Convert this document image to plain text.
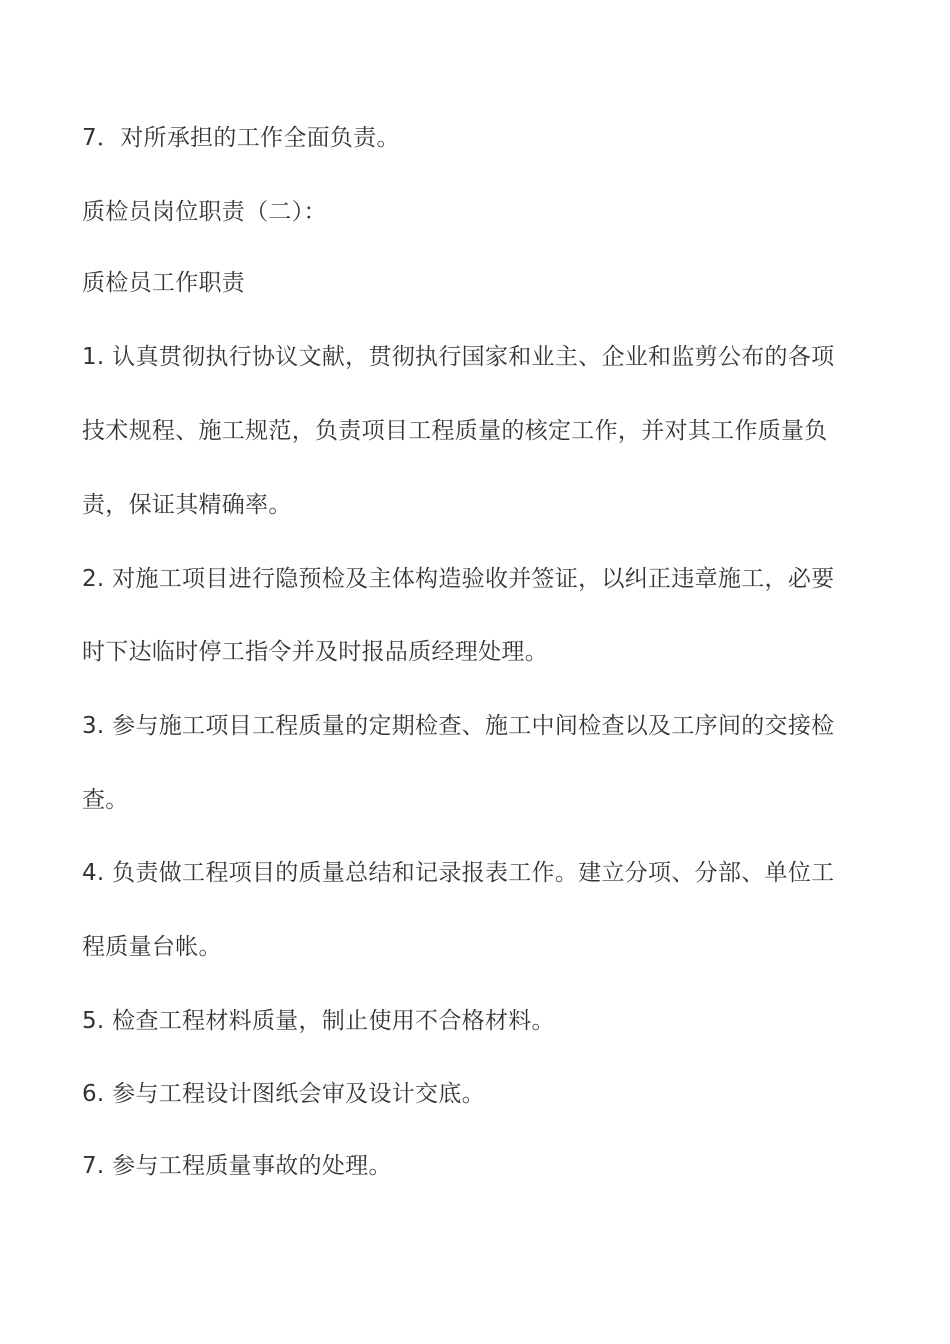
7．对所承担的工作全面负责。
质检员岗位职责（二）：
质检员工作职责
1. 认真贯彻执行协议文献，贯彻执行国家和业主、企业和监剪公布的各项
技术规程、施工规范，负责项目工程质量的核定工作，并对其工作质量负
责，保证其精确率。
2. 对施工项目进行隐预检及主体构造验收并签证，以纠正违章施工，必要
时下达临时停工指令并及时报品质经理处理。
3. 参与施工项目工程质量的定期检查、施工中间检查以及工序间的交接检
查。
4. 负责做工程项目的质量总结和记录报表工作。建立分项、分部、单位工
程质量台帐。
5. 检查工程材料质量，制止使用不合格材料。
6. 参与工程设计图纸会审及设计交底。
7. 参与工程质量事故的处理。
